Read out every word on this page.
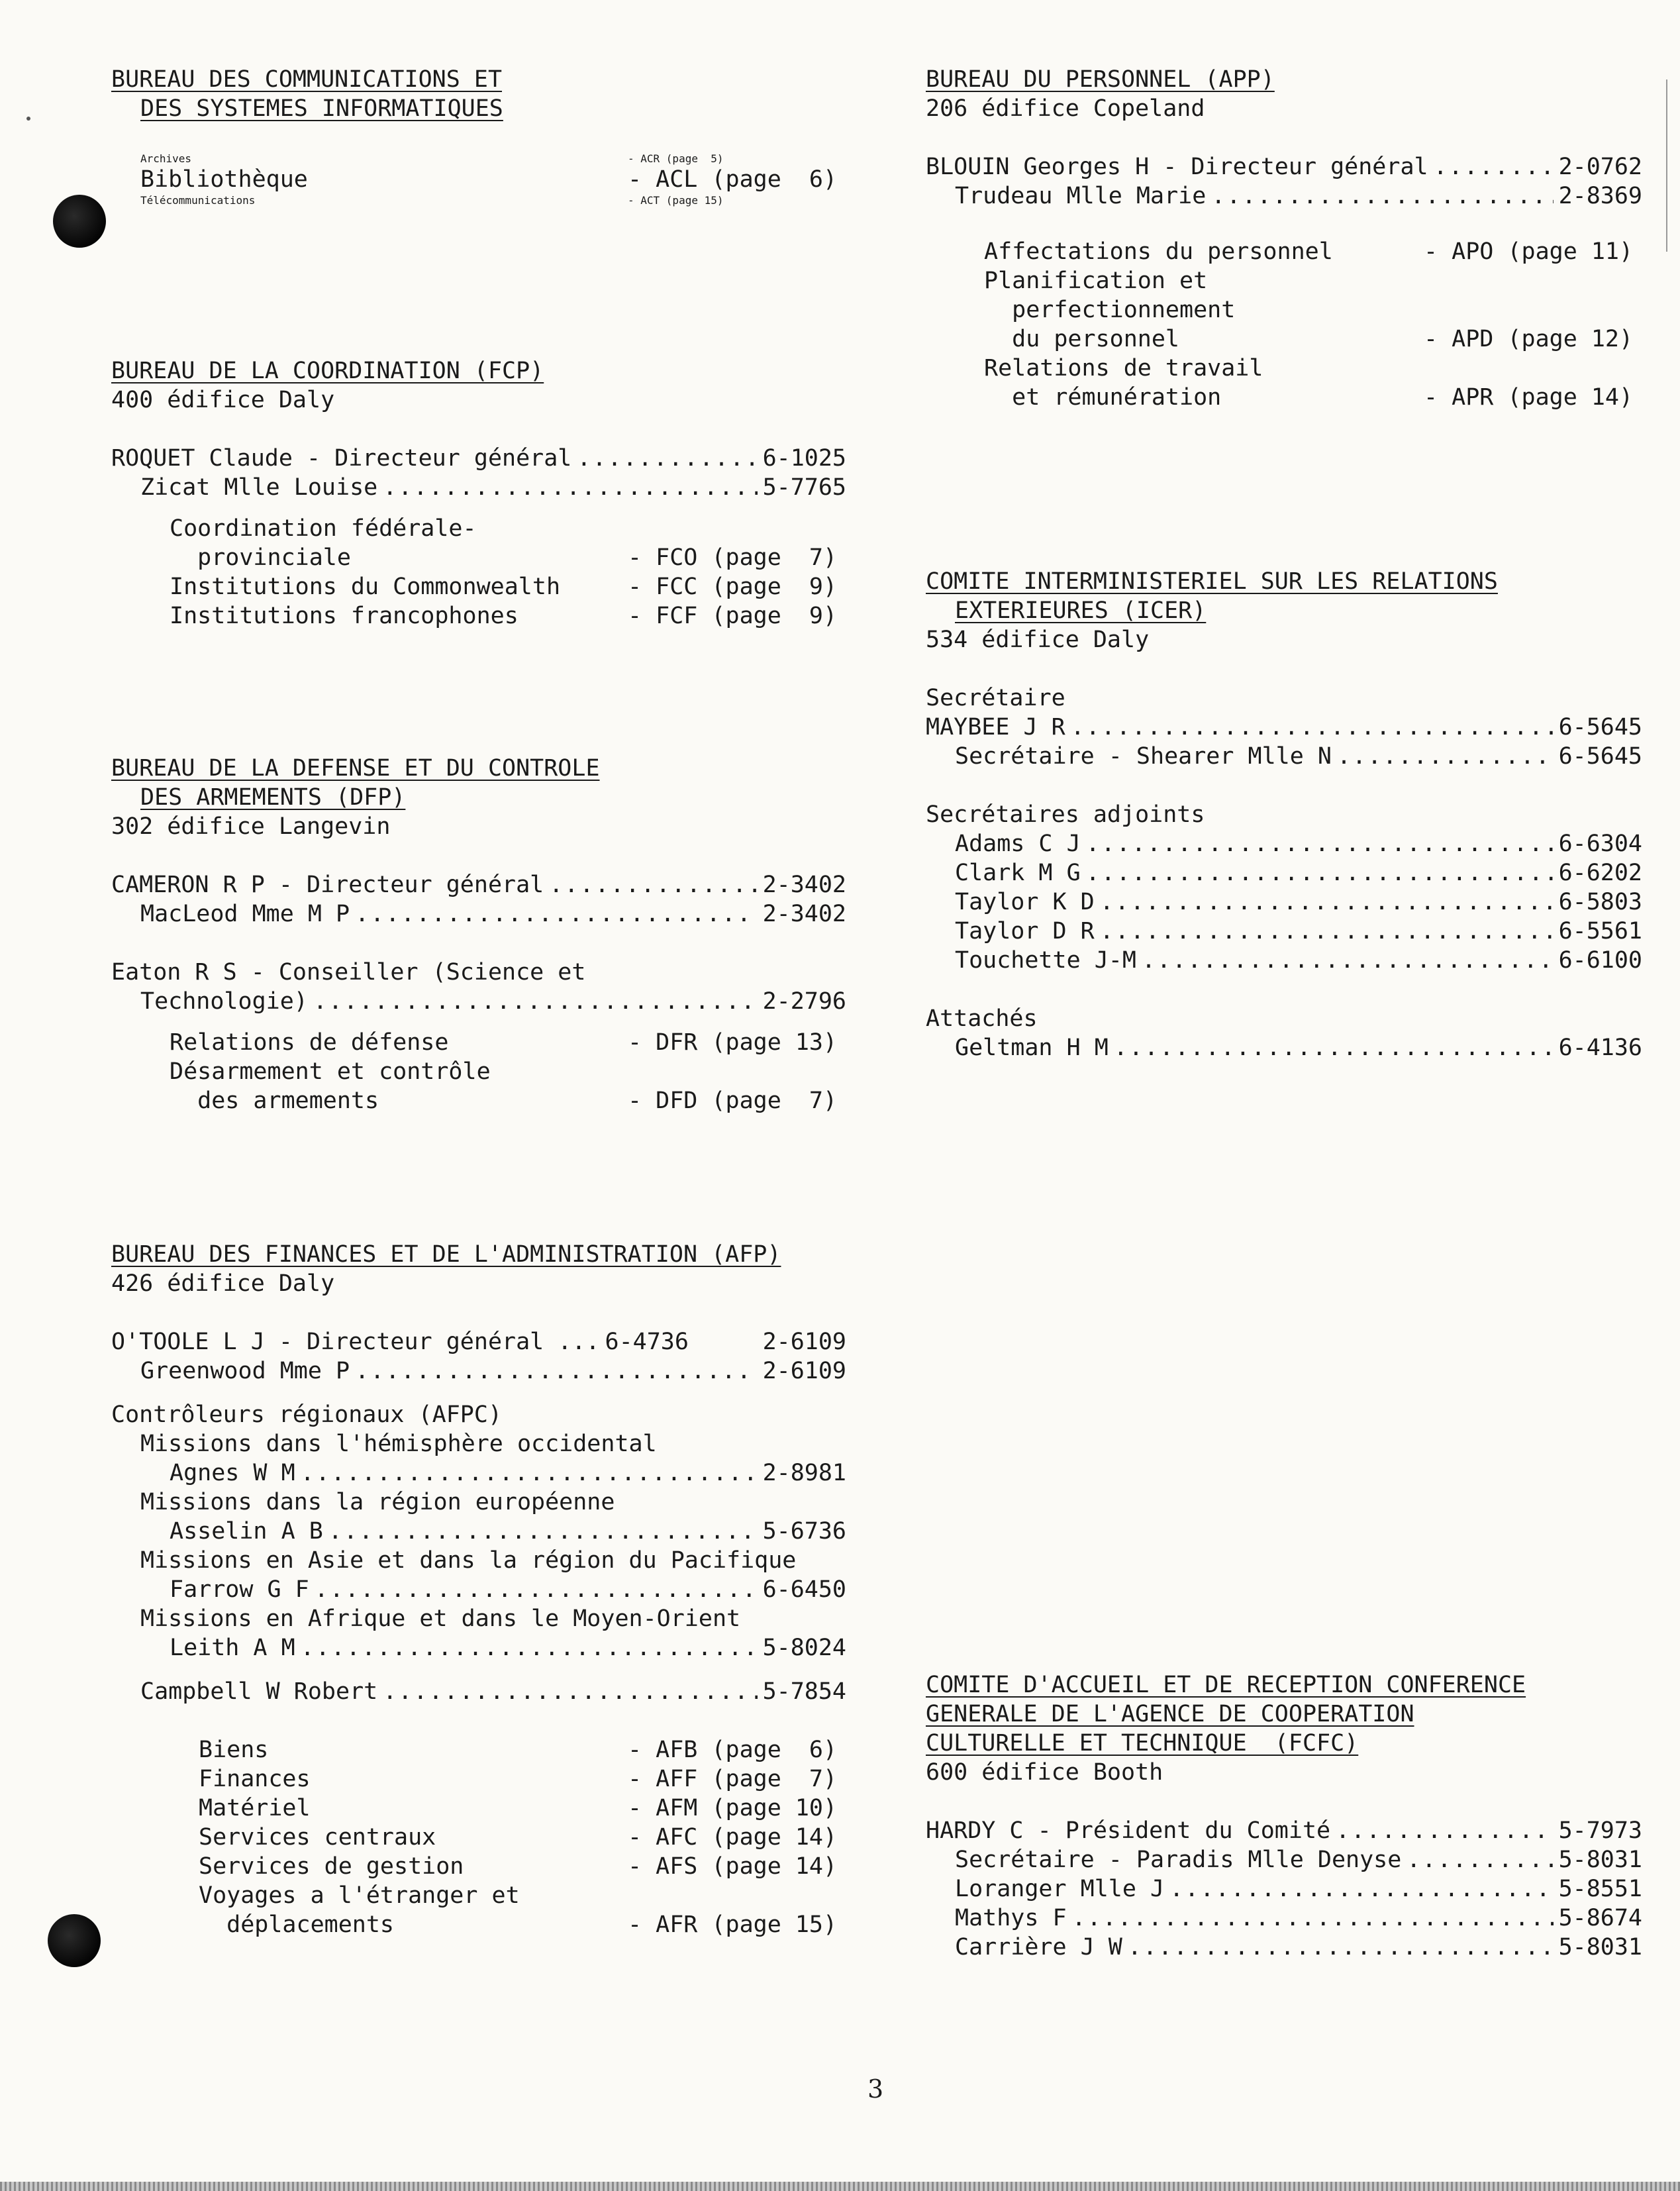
BUREAU DES COMMUNICATIONS ET
DES SYSTEMES INFORMATIQUES
Archives	- ACR (page  5)
Bibliothèque	- ACL (page  6)
Télécommunications	- ACT (page 15)
BUREAU DE LA COORDINATION (FCP)
400 édifice Daly
ROQUET Claude - Directeur général .....	6-1025
Zicat Mlle Louise .....	5-7765
Coordination fédérale-
provinciale	- FCO (page  7)
Institutions du Commonwealth	- FCC (page  9)
Institutions francophones	- FCF (page  9)
BUREAU DE LA DEFENSE ET DU CONTROLE
DES ARMEMENTS (DFP)
302 édifice Langevin
CAMERON R P - Directeur général .....	2-3402
MacLeod Mme M P .....	2-3402
Eaton R S - Conseiller (Science et
Technologie) .....	2-2796
Relations de défense	- DFR (page 13)
Désarmement et contrôle
des armements	- DFD (page  7)
BUREAU DES FINANCES ET DE L'ADMINISTRATION (AFP)
426 édifice Daly
O'TOOLE L J - Directeur général ... 6-4736	2-6109
Greenwood Mme P .....	2-6109
Contrôleurs régionaux (AFPC)
Missions dans l'hémisphère occidental
Agnes W M .....	2-8981
Missions dans la région européenne
Asselin A B .....	5-6736
Missions en Asie et dans la région du Pacifique
Farrow G F .....	6-6450
Missions en Afrique et dans le Moyen-Orient
Leith A M .....	5-8024
Campbell W Robert .....	5-7854
Biens	- AFB (page  6)
Finances	- AFF (page  7)
Matériel	- AFM (page 10)
Services centraux	- AFC (page 14)
Services de gestion	- AFS (page 14)
Voyages a l'étranger et
déplacements	- AFR (page 15)
BUREAU DU PERSONNEL (APP)
206 édifice Copeland
BLOUIN Georges H - Directeur général .....	2-0762
Trudeau Mlle Marie .....	2-8369
Affectations du personnel	- APO (page 11)
Planification et
perfectionnement
du personnel	- APD (page 12)
Relations de travail
et rémunération	- APR (page 14)
COMITE INTERMINISTERIEL SUR LES RELATIONS
EXTERIEURES (ICER)
534 édifice Daly
Secrétaire
MAYBEE J R .....	6-5645
Secrétaire - Shearer Mlle N .....	6-5645
Secrétaires adjoints
Adams C J .....	6-6304
Clark M G .....	6-6202
Taylor K D .....	6-5803
Taylor D R .....	6-5561
Touchette J-M .....	6-6100
Attachés
Geltman H M .....	6-4136
COMITE D'ACCUEIL ET DE RECEPTION CONFERENCE
GENERALE DE L'AGENCE DE COOPERATION
CULTURELLE ET TECHNIQUE  (FCFC)
600 édifice Booth
HARDY C - Président du Comité .....	5-7973
Secrétaire - Paradis Mlle Denyse .....	5-8031
Loranger Mlle J .....	5-8551
Mathys F .....	5-8674
Carrière J W .....	5-8031
3
